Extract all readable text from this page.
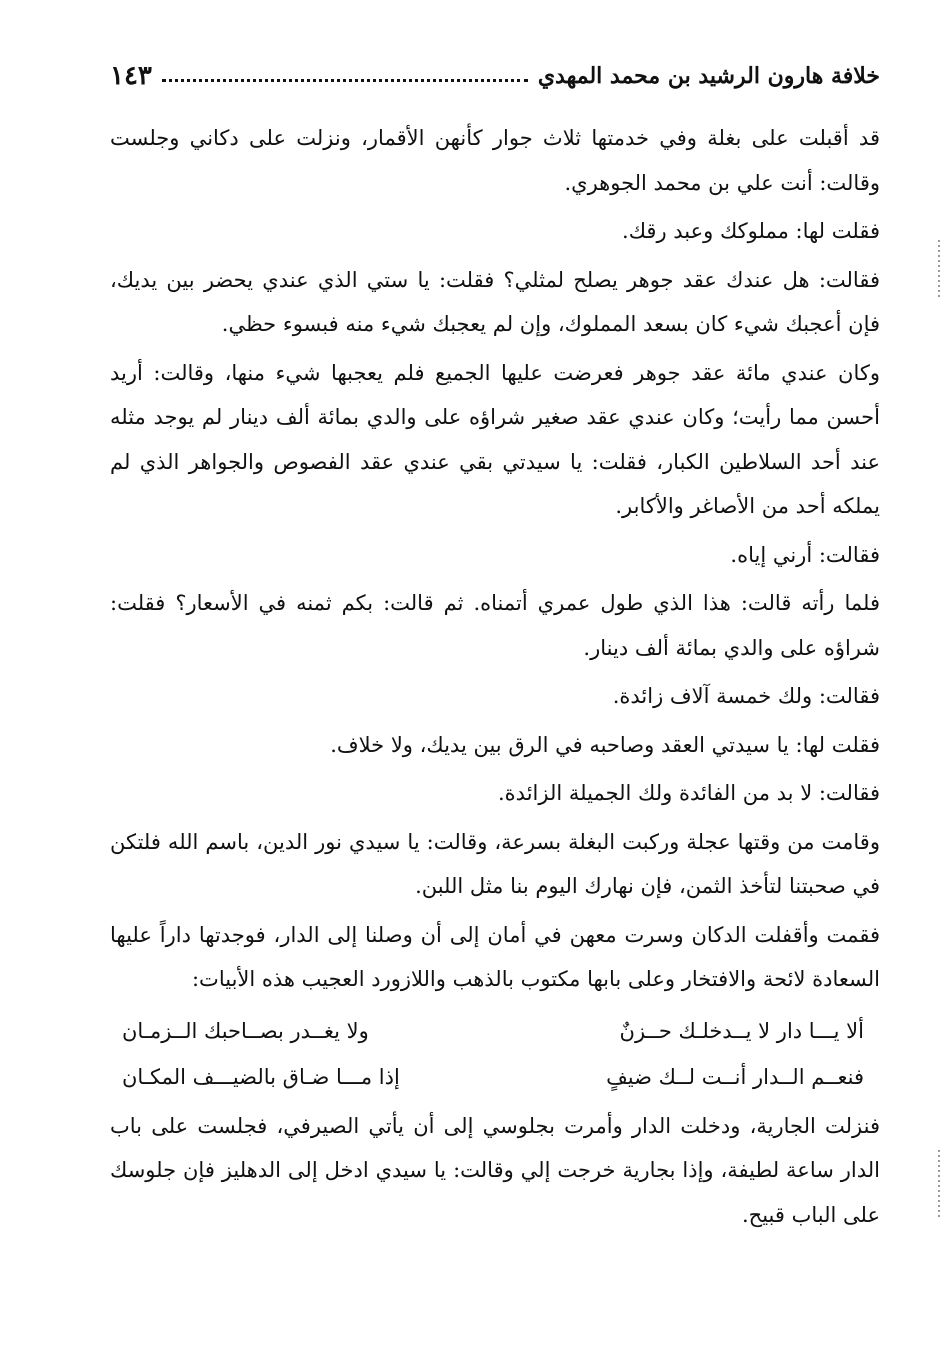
خلافة هارون الرشيد بن محمد المهدي
١٤٣

قد أقبلت على بغلة وفي خدمتها ثلاث جوار كأنهن الأقمار، ونزلت على دكاني وجلست وقالت: أنت علي بن محمد الجوهري.

فقلت لها: مملوكك وعبد رقك.

فقالت: هل عندك عقد جوهر يصلح لمثلي؟ فقلت: يا ستي الذي عندي يحضر بين يديك، فإن أعجبك شيء كان بسعد المملوك، وإن لم يعجبك شيء منه فبسوء حظي.

وكان عندي مائة عقد جوهر فعرضت عليها الجميع فلم يعجبها شيء منها، وقالت: أريد أحسن مما رأيت؛ وكان عندي عقد صغير شراؤه على والدي بمائة ألف دينار لم يوجد مثله عند أحد السلاطين الكبار، فقلت: يا سيدتي بقي عندي عقد الفصوص والجواهر الذي لم يملكه أحد من الأصاغر والأكابر.

فقالت: أرني إياه.

فلما رأته قالت: هذا الذي طول عمري أتمناه. ثم قالت: بكم ثمنه في الأسعار؟ فقلت: شراؤه على والدي بمائة ألف دينار.

فقالت: ولك خمسة آلاف زائدة.

فقلت لها: يا سيدتي العقد وصاحبه في الرق بين يديك، ولا خلاف.

فقالت: لا بد من الفائدة ولك الجميلة الزائدة.

وقامت من وقتها عجلة وركبت البغلة بسرعة، وقالت: يا سيدي نور الدين، باسم الله فلتكن في صحبتنا لتأخذ الثمن، فإن نهارك اليوم بنا مثل اللبن.

فقمت وأقفلت الدكان وسرت معهن في أمان إلى أن وصلنا إلى الدار، فوجدتها داراً عليها السعادة لائحة والافتخار وعلى بابها مكتوب بالذهب واللازورد العجيب هذه الأبيات:

ألا يـــا دار لا يــدخلـك حــزنٌ
ولا يغــدر بصــاحبك الــزمـان
فنعــم الــدار أنــت لــك ضيفٍ
إذا مـــا ضـاق بالضيـــف المكـان

فنزلت الجارية، ودخلت الدار وأمرت بجلوسي إلى أن يأتي الصيرفي، فجلست على باب الدار ساعة لطيفة، وإذا بجارية خرجت إلي وقالت: يا سيدي ادخل إلى الدهليز فإن جلوسك على الباب قبيح.
